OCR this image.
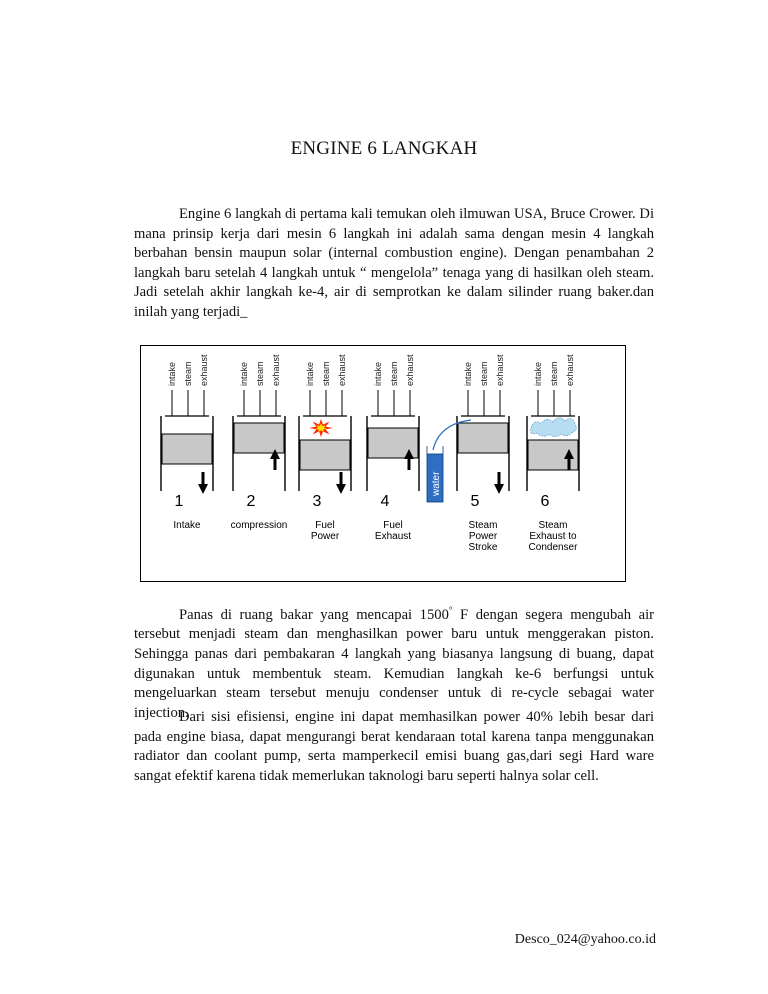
ENGINE 6 LANGKAH

Engine 6 langkah di pertama kali temukan oleh ilmuwan USA, Bruce Crower. Di mana prinsip kerja dari mesin 6 langkah ini adalah sama dengan mesin 4 langkah berbahan bensin maupun solar (internal combustion engine). Dengan penambahan 2 langkah baru setelah 4 langkah untuk “ mengelola” tenaga yang di hasilkan oleh steam. Jadi setelah akhir langkah ke-4, air di semprotkan ke dalam silinder ruang baker.dan inilah yang terjadi_

intake steam exhaust
1
Intake
intake steam exhaust
2
compression
intake steam exhaust
3
Fuel
Power
intake steam exhaust
4
Fuel
Exhaust
intake steam exhaust
5
Steam
Power
Stroke
intake steam exhaust
6
Steam
Exhaust to
Condenser
water

Panas di ruang bakar yang mencapai 1500° F dengan segera mengubah air tersebut menjadi steam dan menghasilkan power baru untuk menggerakan piston. Sehingga panas dari pembakaran 4 langkah yang biasanya langsung di buang, dapat digunakan untuk membentuk steam. Kemudian langkah ke-6 berfungsi untuk mengeluarkan steam tersebut menuju condenser untuk di re-cycle sebagai water injection.

Dari sisi efisiensi, engine ini dapat memhasilkan power 40% lebih besar dari pada engine biasa, dapat mengurangi berat kendaraan total karena tanpa menggunakan radiator dan coolant pump, serta mamperkecil emisi buang gas,dari segi Hard ware sangat efektif karena tidak memerlukan taknologi baru seperti halnya solar cell.

Desco_024@yahoo.co.id
